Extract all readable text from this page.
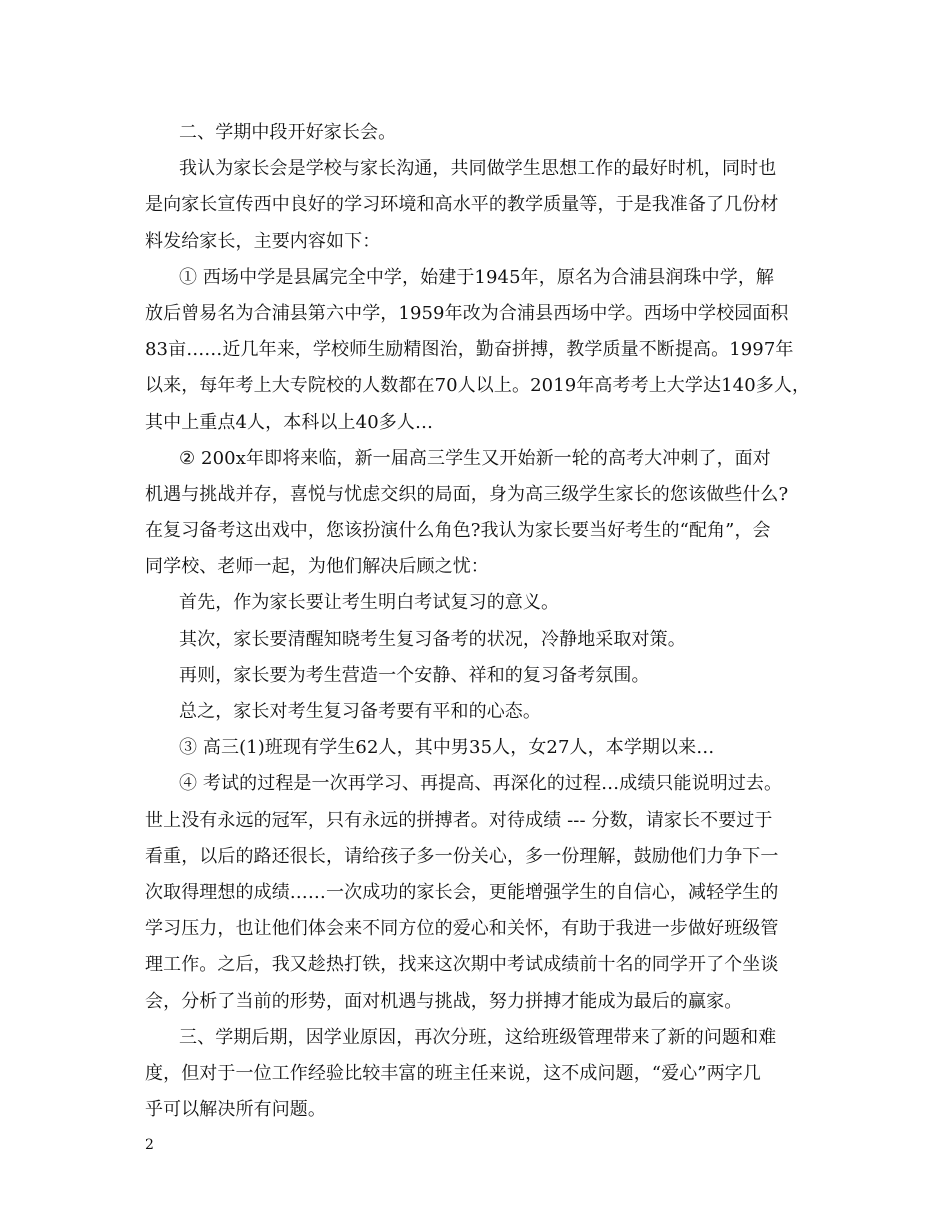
二、学期中段开好家长会。
我认为家长会是学校与家长沟通，共同做学生思想工作的最好时机，同时也
是向家长宣传西中良好的学习环境和高水平的教学质量等，于是我准备了几份材
料发给家长，主要内容如下：
① 西场中学是县属完全中学，始建于1945年，原名为合浦县润珠中学，解
放后曾易名为合浦县第六中学，1959年改为合浦县西场中学。西场中学校园面积
83亩……近几年来，学校师生励精图治，勤奋拼搏，教学质量不断提高。1997年
以来，每年考上大专院校的人数都在70人以上。2019年高考考上大学达140多人，
其中上重点4人，本科以上40多人…
② 200x年即将来临，新一届高三学生又开始新一轮的高考大冲刺了，面对
机遇与挑战并存，喜悦与忧虑交织的局面，身为高三级学生家长的您该做些什么?
在复习备考这出戏中，您该扮演什么角色?我认为家长要当好考生的“配角”，会
同学校、老师一起，为他们解决后顾之忧：
首先，作为家长要让考生明白考试复习的意义。
其次，家长要清醒知晓考生复习备考的状况，冷静地采取对策。
再则，家长要为考生营造一个安静、祥和的复习备考氛围。
总之，家长对考生复习备考要有平和的心态。
③ 高三(1)班现有学生62人，其中男35人，女27人，本学期以来…
④ 考试的过程是一次再学习、再提高、再深化的过程…成绩只能说明过去。
世上没有永远的冠军，只有永远的拼搏者。对待成绩 --- 分数，请家长不要过于
看重，以后的路还很长，请给孩子多一份关心，多一份理解，鼓励他们力争下一
次取得理想的成绩……一次成功的家长会，更能增强学生的自信心，减轻学生的
学习压力，也让他们体会来不同方位的爱心和关怀，有助于我进一步做好班级管
理工作。之后，我又趁热打铁，找来这次期中考试成绩前十名的同学开了个坐谈
会，分析了当前的形势，面对机遇与挑战，努力拼搏才能成为最后的赢家。
三、学期后期，因学业原因，再次分班，这给班级管理带来了新的问题和难
度，但对于一位工作经验比较丰富的班主任来说，这不成问题，“爱心”两字几
乎可以解决所有问题。
2
